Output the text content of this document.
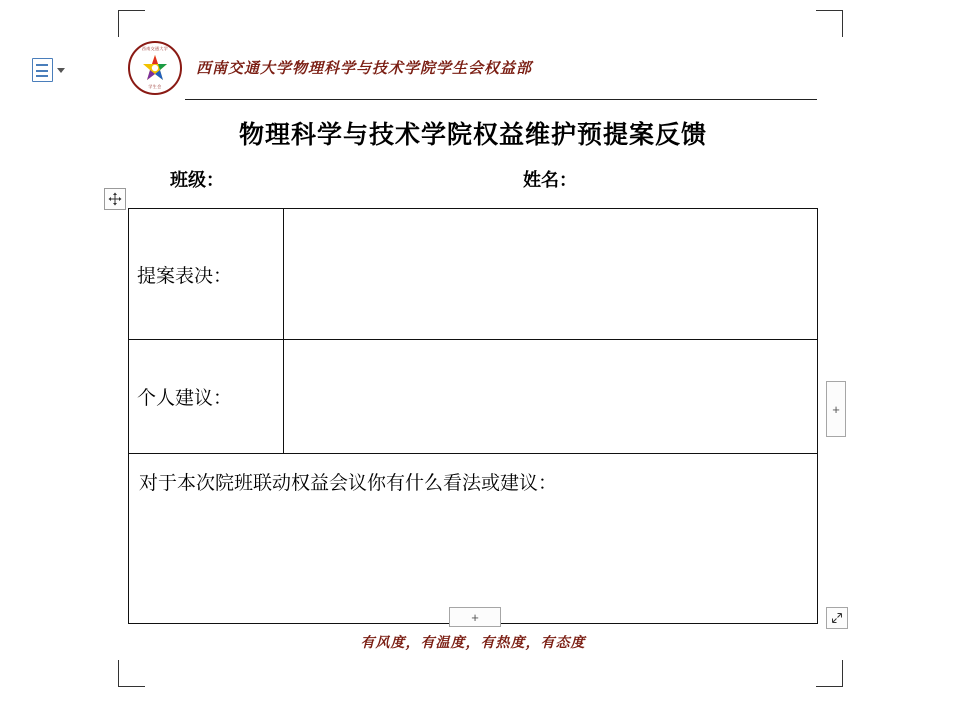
西南交通大学
学生会
西南交通大学物理科学与技术学院学生会权益部
物理科学与技术学院权益维护预提案反馈
班级：	姓名：
提案表决：	
个人建议：	
对于本次院班联动权益会议你有什么看法或建议：	
+
+
有风度，有温度，有热度，有态度
